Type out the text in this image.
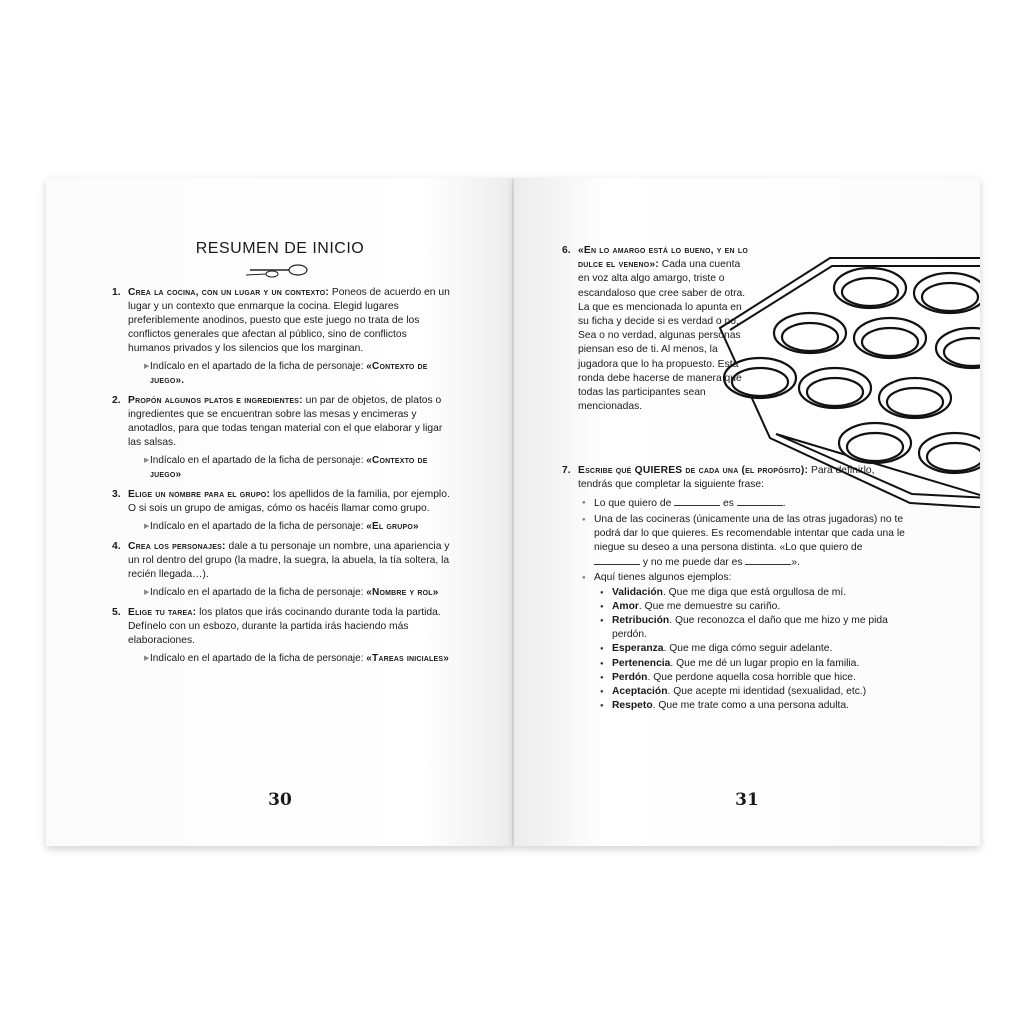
RESUMEN DE INICIO
1. Crea la cocina, con un lugar y un contexto: Poneos de acuerdo en un lugar y un contexto que enmarque la cocina. Elegid lugares preferiblemente anodinos, puesto que este juego no trata de los conflictos generales que afectan al público, sino de conflictos humanos privados y los silencios que los marginan.
▶ Indícalo en el apartado de la ficha de personaje: «Contexto de juego».
2. Propón algunos platos e ingredientes: un par de objetos, de platos o ingredientes que se encuentran sobre las mesas y encimeras y anotadlos, para que todas tengan material con el que elaborar y ligar las salsas.
▶ Indícalo en el apartado de la ficha de personaje: «Contexto de juego»
3. Elige un nombre para el grupo: los apellidos de la familia, por ejemplo. O si sois un grupo de amigas, cómo os hacéis llamar como grupo.
▶ Indícalo en el apartado de la ficha de personaje: «El grupo»
4. Crea los personajes: dale a tu personaje un nombre, una apariencia y un rol dentro del grupo (la madre, la suegra, la abuela, la tía soltera, la recién llegada…).
▶ Indícalo en el apartado de la ficha de personaje: «Nombre y rol»
5. Elige tu tarea: los platos que irás cocinando durante toda la partida. Defínelo con un esbozo, durante la partida irás haciendo más elaboraciones.
▶ Indícalo en el apartado de la ficha de personaje: «Tareas iniciales»
30
6. «En lo amargo está lo bueno, y en lo dulce el veneno»: Cada una cuenta en voz alta algo amargo, triste o escandaloso que cree saber de otra. La que es mencionada lo apunta en su ficha y decide si es verdad o no. Sea o no verdad, algunas personas piensan eso de ti. Al menos, la jugadora que lo ha propuesto. Esta ronda debe hacerse de manera que todas las participantes sean mencionadas.
7. Escribe qué QUIERES de cada una (el propósito): Para definirlo, tendrás que completar la siguiente frase:
● Lo que quiero de	es	.
● Una de las cocineras (únicamente una de las otras jugadoras) no te podrá dar lo que quieres. Es recomendable intentar que cada una le niegue su deseo a una persona distinta. «Lo que quiero de  y no me puede dar es	».
● Aquí tienes algunos ejemplos:
● Validación. Que me diga que está orgullosa de mí.
● Amor. Que me demuestre su cariño.
● Retribución. Que reconozca el daño que me hizo y me pida perdón.
● Esperanza. Que me diga cómo seguir adelante.
● Pertenencia. Que me dé un lugar propio en la familia.
● Perdón. Que perdone aquella cosa horrible que hice.
● Aceptación. Que acepte mi identidad (sexualidad, etc.)
● Respeto. Que me trate como a una persona adulta.
31
